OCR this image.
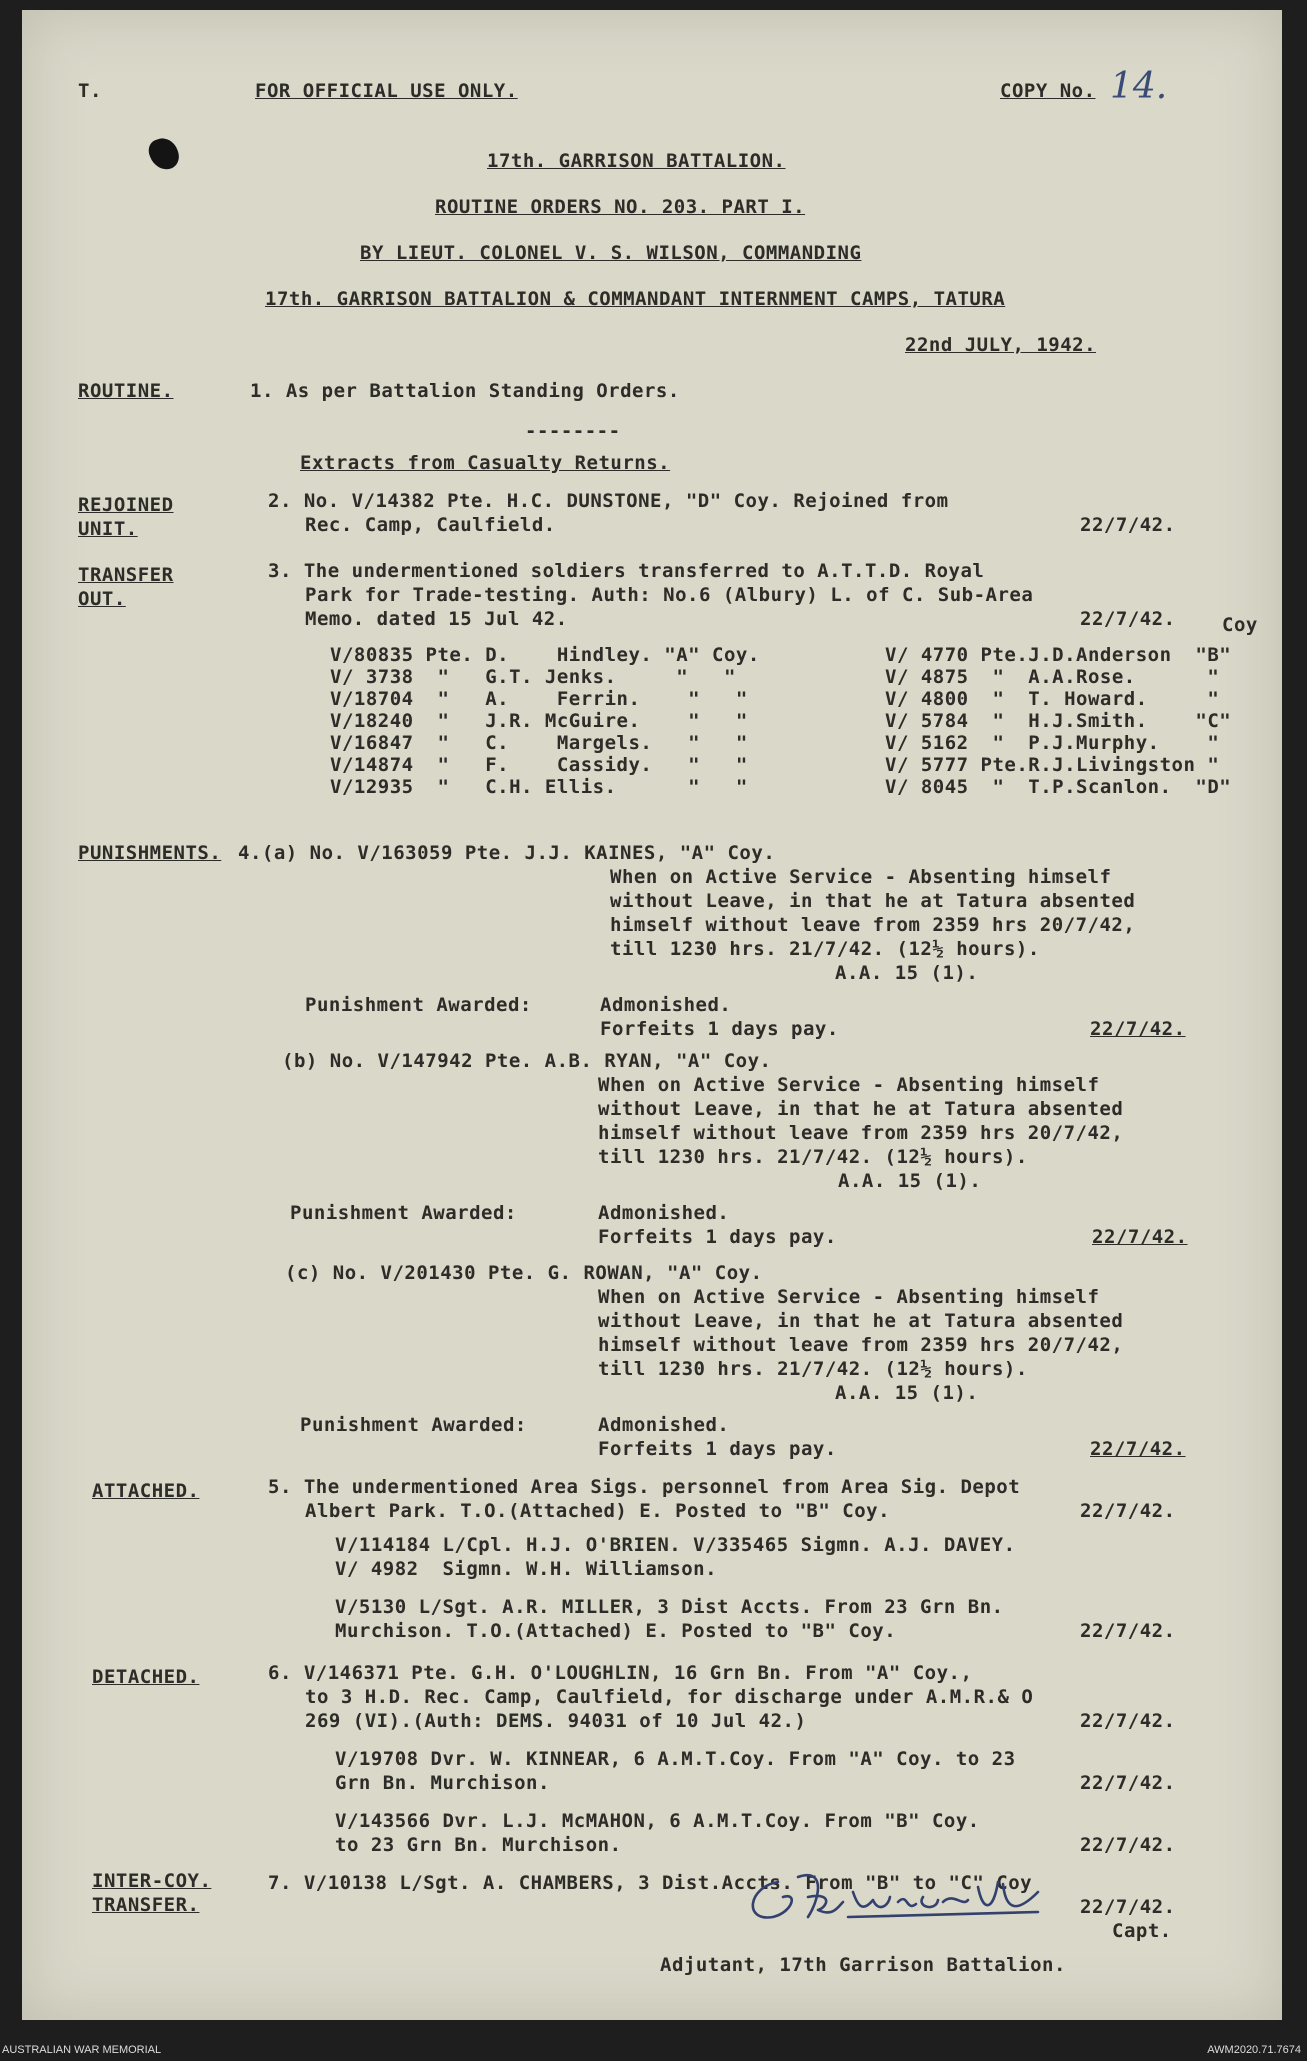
T.	FOR OFFICIAL USE ONLY.	COPY No. 14.
17th. GARRISON BATTALION.
ROUTINE ORDERS NO. 203. PART I.
BY LIEUT. COLONEL V. S. WILSON, COMMANDING
17th. GARRISON BATTALION & COMMANDANT INTERNMENT CAMPS, TATURA
22nd JULY, 1942.
ROUTINE.	1. As per Battalion Standing Orders.
--------
Extracts from Casualty Returns.
REJOINED
UNIT.
2. No. V/14382 Pte. H.C. DUNSTONE, "D" Coy. Rejoined from
Rec. Camp, Caulfield.	22/7/42.
TRANSFER
OUT.
3. The undermentioned soldiers transferred to A.T.T.D. Royal
Park for Trade-testing. Auth: No.6 (Albury) L. of C. Sub-Area
Memo. dated 15 Jul 42.	22/7/42. Coy
V/80835 Pte. D.    Hindley. "A" Coy.
V/ 3738  "   G.T. Jenks.     "   "
V/18704  "   A.    Ferrin.    "   "
V/18240  "   J.R. McGuire.    "   "
V/16847  "   C.    Margels.   "   "
V/14874  "   F.    Cassidy.   "   "
V/12935  "   C.H. Ellis.      "   "
V/ 4770 Pte.J.D.Anderson  "B"
V/ 4875  "  A.A.Rose.      "
V/ 4800  "  T. Howard.     "
V/ 5784  "  H.J.Smith.    "C"
V/ 5162  "  P.J.Murphy.    "
V/ 5777 Pte.R.J.Livingston "
V/ 8045  "  T.P.Scanlon.  "D"
PUNISHMENTS. 4.(a) No. V/163059 Pte. J.J. KAINES, "A" Coy.
When on Active Service - Absenting himself
without Leave, in that he at Tatura absented
himself without leave from 2359 hrs 20/7/42,
till 1230 hrs. 21/7/42. (12½ hours).
A.A. 15 (1).
Punishment Awarded:	Admonished.
Forfeits 1 days pay.	22/7/42.
(b) No. V/147942 Pte. A.B. RYAN, "A" Coy.
When on Active Service - Absenting himself
without Leave, in that he at Tatura absented
himself without leave from 2359 hrs 20/7/42,
till 1230 hrs. 21/7/42. (12½ hours).
A.A. 15 (1).
Punishment Awarded:	Admonished.
Forfeits 1 days pay.	22/7/42.
(c) No. V/201430 Pte. G. ROWAN, "A" Coy.
When on Active Service - Absenting himself
without Leave, in that he at Tatura absented
himself without leave from 2359 hrs 20/7/42,
till 1230 hrs. 21/7/42. (12½ hours).
A.A. 15 (1).
Punishment Awarded:	Admonished.
Forfeits 1 days pay.	22/7/42.
ATTACHED.	5. The undermentioned Area Sigs. personnel from Area Sig. Depot
Albert Park. T.O.(Attached) E. Posted to "B" Coy.	22/7/42.
V/114184 L/Cpl. H.J. O'BRIEN. V/335465 Sigmn. A.J. DAVEY.
V/ 4982  Sigmn. W.H. Williamson.
V/5130 L/Sgt. A.R. MILLER, 3 Dist Accts. From 23 Grn Bn.
Murchison. T.O.(Attached) E. Posted to "B" Coy.	22/7/42.
DETACHED.	6. V/146371 Pte. G.H. O'LOUGHLIN, 16 Grn Bn. From "A" Coy.,
to 3 H.D. Rec. Camp, Caulfield, for discharge under A.M.R.& O
269 (VI).(Auth: DEMS. 94031 of 10 Jul 42.)	22/7/42.
V/19708 Dvr. W. KINNEAR, 6 A.M.T.Coy. From "A" Coy. to 23
Grn Bn. Murchison.	22/7/42.
V/143566 Dvr. L.J. McMAHON, 6 A.M.T.Coy. From "B" Coy.
to 23 Grn Bn. Murchison.	22/7/42.
INTER-COY.
TRANSFER.
7. V/10138 L/Sgt. A. CHAMBERS, 3 Dist.Accts. From "B" to "C" Coy
22/7/42.
Capt.
Adjutant, 17th Garrison Battalion.
AUSTRALIAN WAR MEMORIAL	AWM2020.71.7674
